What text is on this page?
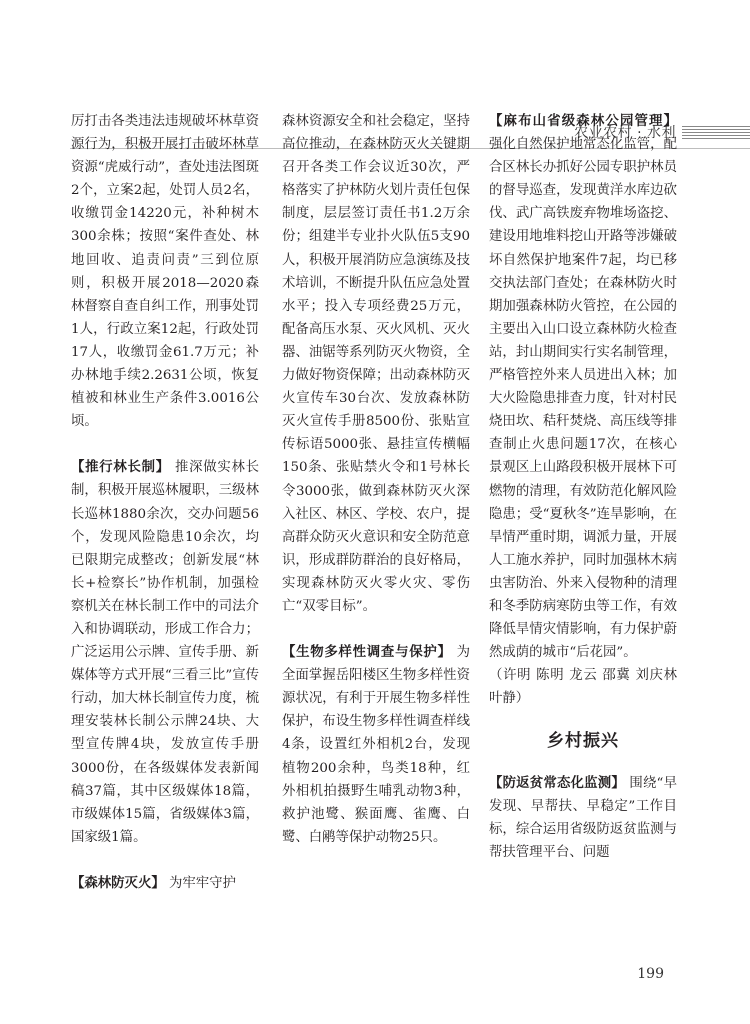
农业农村 · 水利

厉打击各类违法违规破坏林草资源行为，积极开展打击破坏林草资源“虎威行动”，查处违法图斑2个，立案2起，处罚人员2名，收缴罚金14220元，补种树木300余株；按照“案件查处、林地回收、追责问责”三到位原则，积极开展2018—2020森林督察自查自纠工作，刑事处罚1人，行政立案12起，行政处罚17人，收缴罚金61.7万元；补办林地手续2.2631公顷，恢复植被和林业生产条件3.0016公顷。

【推行林长制】 推深做实林长制，积极开展巡林履职，三级林长巡林1880余次，交办问题56个，发现风险隐患10余次，均已限期完成整改；创新发展“林长+检察长”协作机制，加强检察机关在林长制工作中的司法介入和协调联动，形成工作合力；广泛运用公示牌、宣传手册、新媒体等方式开展“三看三比”宣传行动，加大林长制宣传力度，梳理安装林长制公示牌24块、大型宣传牌4块，发放宣传手册3000份，在各级媒体发表新闻稿37篇，其中区级媒体18篇，市级媒体15篇，省级媒体3篇，国家级1篇。

【森林防灭火】 为牢牢守护

森林资源安全和社会稳定，坚持高位推动，在森林防灭火关键期召开各类工作会议近30次，严格落实了护林防火划片责任包保制度，层层签订责任书1.2万余份；组建半专业扑火队伍5支90人，积极开展消防应急演练及技术培训，不断提升队伍应急处置水平；投入专项经费25万元，配备高压水泵、灭火风机、灭火器、油锯等系列防灭火物资，全力做好物资保障；出动森林防灭火宣传车30台次、发放森林防灭火宣传手册8500份、张贴宣传标语5000张、悬挂宣传横幅150条、张贴禁火令和1号林长令3000张，做到森林防灭火深入社区、林区、学校、农户，提高群众防灭火意识和安全防范意识，形成群防群治的良好格局，实现森林防灭火零火灾、零伤亡“双零目标”。

【生物多样性调查与保护】 为全面掌握岳阳楼区生物多样性资源状况，有利于开展生物多样性保护，布设生物多样性调查样线4条，设置红外相机2台，发现植物200余种，鸟类18种，红外相机拍摄野生哺乳动物3种，救护池鹭、猴面鹰、雀鹰、白鹭、白鹇等保护动物25只。

【麻布山省级森林公园管理】 强化自然保护地常态化监管，配合区林长办抓好公园专职护林员的督导巡查，发现黄洋水库边砍伐、武广高铁废弃物堆场盗挖、建设用地堆料挖山开路等涉嫌破坏自然保护地案件7起，均已移交执法部门查处；在森林防火时期加强森林防火管控，在公园的主要出入山口设立森林防火检查站，封山期间实行实名制管理，严格管控外来人员进出入林；加大火险隐患排查力度，针对村民烧田坎、秸秆焚烧、高压线等排查制止火患问题17次，在核心景观区上山路段积极开展林下可燃物的清理，有效防范化解风险隐患；受“夏秋冬”连旱影响，在旱情严重时期，调派力量，开展人工施水养护，同时加强林木病虫害防治、外来入侵物种的清理和冬季防病寒防虫等工作，有效降低旱情灾情影响，有力保护蔚然成荫的城市“后花园”。

（许明 陈明 龙云 邵冀 刘庆林 叶静）

乡村振兴

【防返贫常态化监测】 围绕“早发现、早帮扶、早稳定”工作目标，综合运用省级防返贫监测与帮扶管理平台、问题

199
